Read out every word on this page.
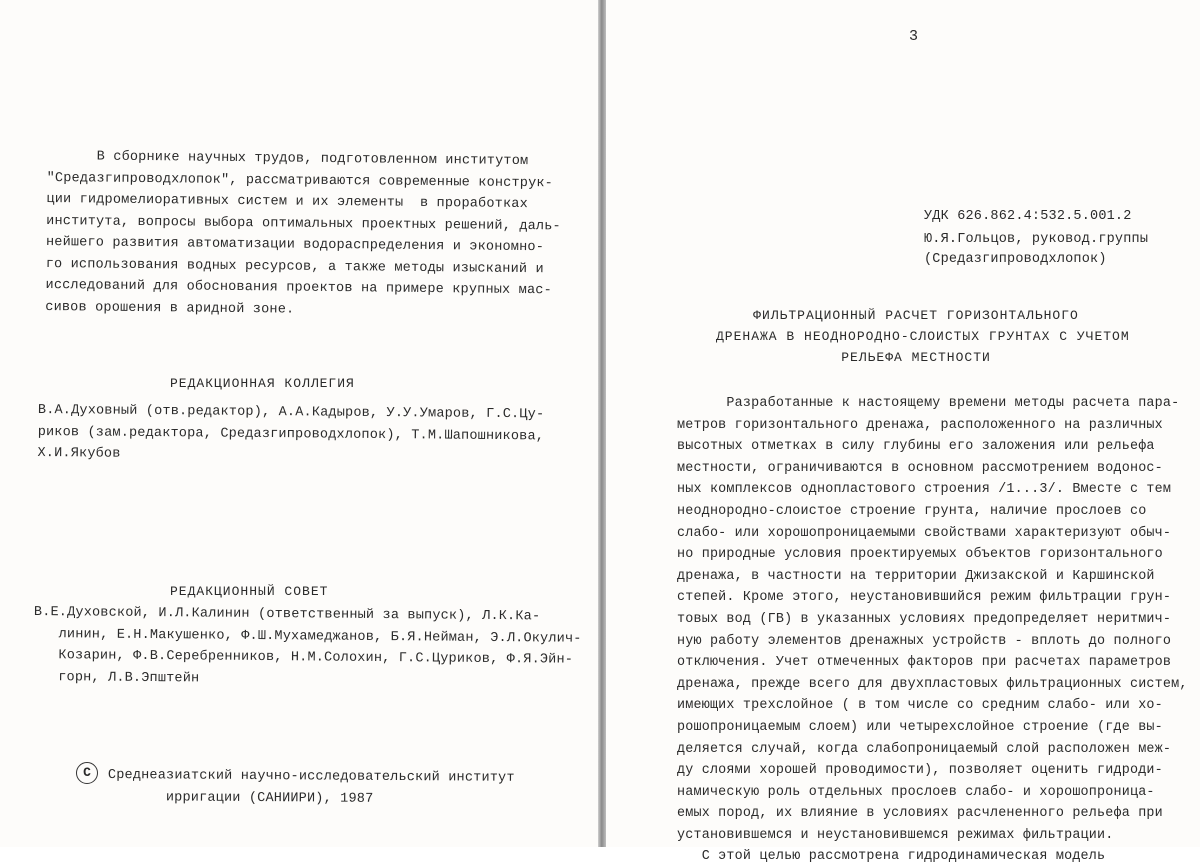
В сборнике научных трудов, подготовленном институтом
"Средазгипроводхлопок", рассматриваются современные конструк-
ции гидромелиоративных систем и их элементы  в проработках
института, вопросы выбора оптимальных проектных решений, даль-
нейшего развития автоматизации водораспределения и экономно-
го использования водных ресурсов, а также методы изысканий и
исследований для обоснования проектов на примере крупных мас-
сивов орошения в аридной зоне.
РЕДАКЦИОННАЯ КОЛЛЕГИЯ
В.А.Духовный (отв.редактор), А.А.Кадыров, У.У.Умаров, Г.С.Цу-
риков (зам.редактора, Средазгипроводхлопок), Т.М.Шапошникова,
Х.И.Якубов
РЕДАКЦИОННЫЙ СОВЕТ
В.Е.Духовской, И.Л.Калинин (ответственный за выпуск), Л.К.Ка-
линин, Е.Н.Макушенко, Ф.Ш.Мухамеджанов, Б.Я.Нейман, Э.Л.Окулич-
Козарин, Ф.В.Серебренников, Н.М.Солохин, Г.С.Цуриков, Ф.Я.Эйн-
горн, Л.В.Эпштейн
C	Среднеазиатский научно-исследовательский институт
ирригации (САНИИРИ), 1987
3
УДК 626.862.4:532.5.001.2
Ю.Я.Гольцов, руковод.группы
(Средазгипроводхлопок)
ФИЛЬТРАЦИОННЫЙ РАСЧЕТ ГОРИЗОНТАЛЬНОГО
ДРЕНАЖА В НЕОДНОРОДНО-СЛОИСТЫХ ГРУНТАХ С УЧЕТОМ
РЕЛЬЕФА МЕСТНОСТИ
Разработанные к настоящему времени методы расчета пара-
метров горизонтального дренажа, расположенного на различных
высотных отметках в силу глубины его заложения или рельефа
местности, ограничиваются в основном рассмотрением водонос-
ных комплексов однопластового строения /1...3/. Вместе с тем
неоднородно-слоистое строение грунта, наличие прослоев со
слабо- или хорошопроницаемыми свойствами характеризуют обыч-
но природные условия проектируемых объектов горизонтального
дренажа, в частности на территории Джизакской и Каршинской
степей. Кроме этого, неустановившийся режим фильтрации грун-
товых вод (ГВ) в указанных условиях предопределяет неритмич-
ную работу элементов дренажных устройств - вплоть до полного
отключения. Учет отмеченных факторов при расчетах параметров
дренажа, прежде всего для двухпластовых фильтрационных систем,
имеющих трехслойное ( в том числе со средним слабо- или хо-
рошопроницаемым слоем) или четырехслойное строение (где вы-
деляется случай, когда слабопроницаемый слой расположен меж-
ду слоями хорошей проводимости), позволяет оценить гидроди-
намическую роль отдельных прослоев слабо- и хорошопроница-
емых пород, их влияние в условиях расчлененного рельефа при
установившемся и неустановившемся режимах фильтрации.
С этой целью рассмотрена гидродинамическая модель
